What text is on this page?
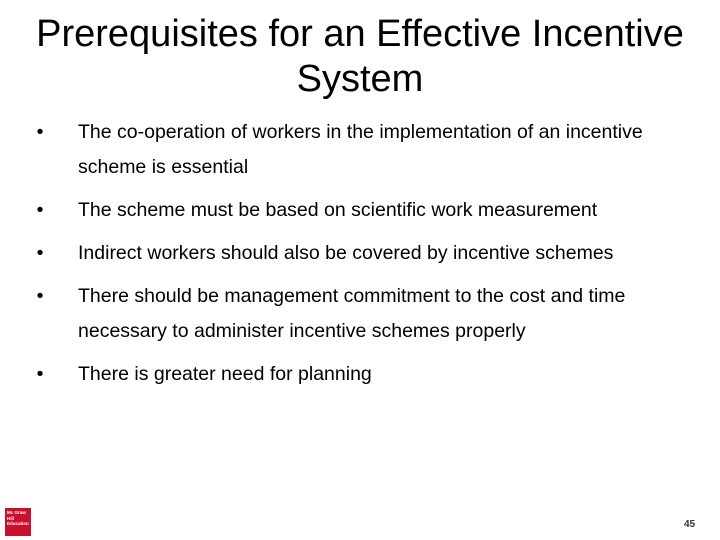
Prerequisites for an Effective Incentive System
•	The co-operation of workers in the implementation of an incentive scheme is essential
•	The scheme must be based on scientific work measurement
•	Indirect workers should also be covered by incentive schemes
•	There should be management commitment to the cost and time necessary to administer incentive schemes properly
•	There is greater need for planning
Mc Graw Hill Education	45
